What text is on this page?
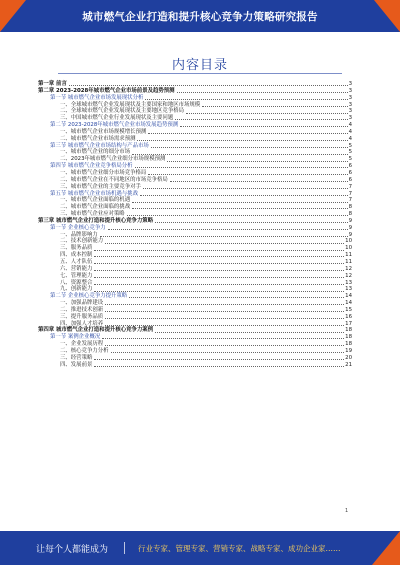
城市燃气企业打造和提升核心竞争力策略研究报告
内容目录
第一章 前言	3
第二章 2023-2028年城市燃气企业市场前景及趋势预测	3
第一节 城市燃气企业市场发展现状分析	3
一、全球城市燃气企业发展现状及主要国家和地区市场规模	3
二、全球城市燃气企业发展现状及主要地区竞争格局	3
三、中国城市燃气企业行业发展现状及主要问题	3
第二节 2023-2028年城市燃气企业市场发展趋势预测	4
一、城市燃气企业市场规模增长预测	4
二、城市燃气企业市场需求预测	4
第三节 城市燃气企业市场结构与产品市场	5
一、城市燃气企业的细分市场	5
二、2023年城市燃气企业细分市场规模预测	5
第四节 城市燃气企业竞争格局分析	6
一、城市燃气企业细分市场竞争格局	6
二、城市燃气企业在不同地区的市场竞争格局	6
三、城市燃气企业的主要竞争对手	7
第五节 城市燃气企业市场机遇与挑战	7
一、城市燃气企业面临的机遇	7
二、城市燃气企业面临的挑战	8
三、城市燃气企业应对策略	8
第三章 城市燃气企业打造和提升核心竞争力策略	9
第一节 企业核心竞争力	9
一、品牌影响力	9
二、技术创新能力	10
三、服务品质	10
四、成本控制	11
五、人才队伍	11
六、营销能力	12
七、管理能力	12
八、资源整合	13
九、创新能力	13
第二节 企业核心竞争力提升策略	14
一、加强品牌建设	14
二、推进技术创新	15
三、提升服务品质	16
四、加强人才培养	17
第四章 城市燃气企业打造和提升核心竞争力案例	18
第一节 案例企业概况	18
一、企业发展历程	18
二、核心竞争力分析	19
三、经营策略	20
四、发展前景	21
1
让每个人都能成为	行业专家、管理专家、营销专家、战略专家、成功企业家……
